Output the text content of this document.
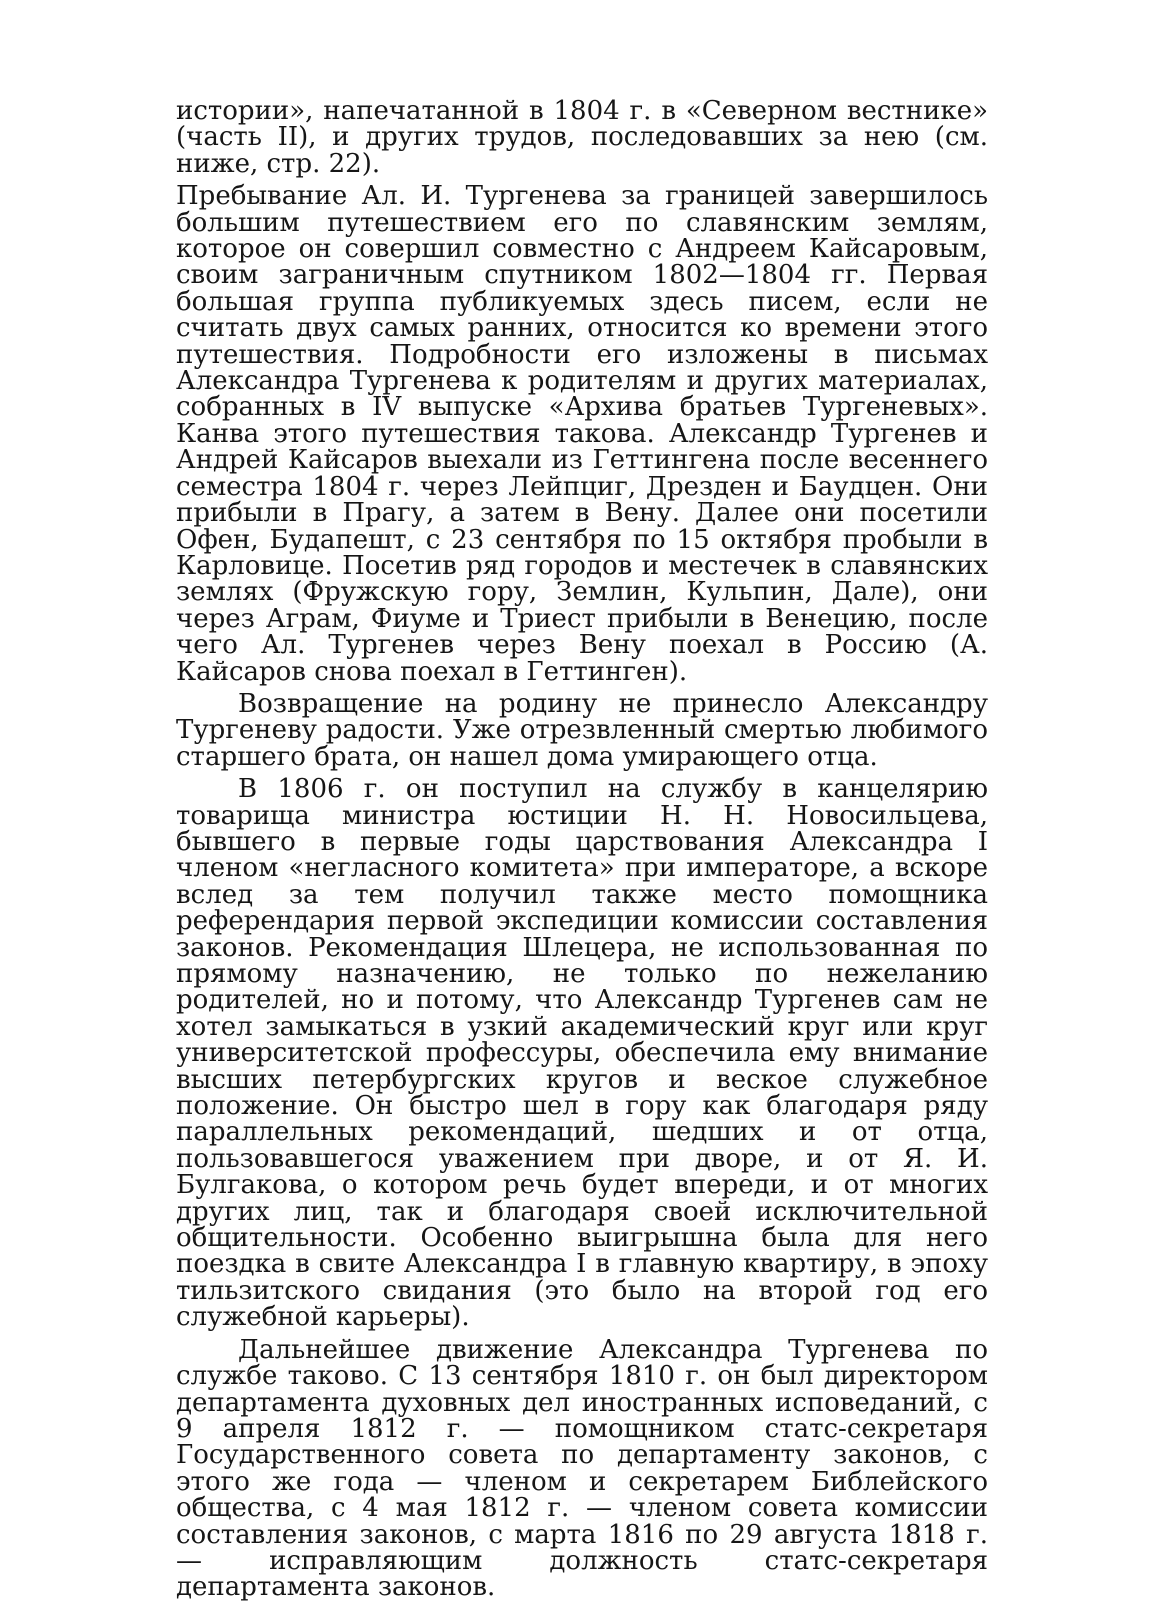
истории», напечатанной в 1804 г. в «Северном вестнике» (часть II), и других трудов, последовавших за нею (см. ниже, стр. 22).

Пребывание Ал. И. Тургенева за границей завершилось большим путешествием его по славянским землям, которое он совершил совместно с Андреем Кайсаровым, своим заграничным спутником 1802—1804 гг. Первая большая группа публикуемых здесь писем, если не считать двух самых ранних, относится ко времени этого путешествия. Подробности его изложены в письмах Александра Тургенева к родителям и других материалах, собранных в IV выпуске «Архива братьев Тургеневых». Канва этого путешествия такова. Александр Тургенев и Андрей Кайсаров выехали из Геттингена после весеннего семестра 1804 г. через Лейпциг, Дрезден и Баудцен. Они прибыли в Прагу, а затем в Вену. Далее они посетили Офен, Будапешт, с 23 сентября по 15 октября пробыли в Карловице. Посетив ряд городов и местечек в славянских землях (Фружскую гору, Землин, Кульпин, Дале), они через Аграм, Фиуме и Триест прибыли в Венецию, после чего Ал. Тургенев через Вену поехал в Россию (А. Кайсаров снова поехал в Геттинген).

Возвращение на родину не принесло Александру Тургеневу радости. Уже отрезвленный смертью любимого старшего брата, он нашел дома умирающего отца.

В 1806 г. он поступил на службу в канцелярию товарища министра юстиции Н. Н. Новосильцева, бывшего в первые годы царствования Александра I членом «негласного комитета» при императоре, а вскоре вслед за тем получил также место помощника референдария первой экспедиции комиссии составления законов. Рекомендация Шлецера, не использованная по прямому назначению, не только по нежеланию родителей, но и потому, что Александр Тургенев сам не хотел замыкаться в узкий академический круг или круг университетской профессуры, обеспечила ему внимание высших петербургских кругов и веское служебное положение. Он быстро шел в гору как благодаря ряду параллельных рекомендаций, шедших и от отца, пользовавшегося уважением при дворе, и от Я. И. Булгакова, о котором речь будет впереди, и от многих других лиц, так и благодаря своей исключительной общительности. Особенно выигрышна была для него поездка в свите Александра I в главную квартиру, в эпоху тильзитского свидания (это было на второй год его служебной карьеры).

Дальнейшее движение Александра Тургенева по службе таково. С 13 сентября 1810 г. он был директором департамента духовных дел иностранных исповеданий, с 9 апреля 1812 г. — помощником статс-секретаря Государственного совета по департаменту законов, с этого же года — членом и секретарем Библейского общества, с 4 мая 1812 г. — членом совета комиссии составления законов, с марта 1816 по 29 августа 1818 г. — исправляющим должность статс-секретаря департамента законов.
